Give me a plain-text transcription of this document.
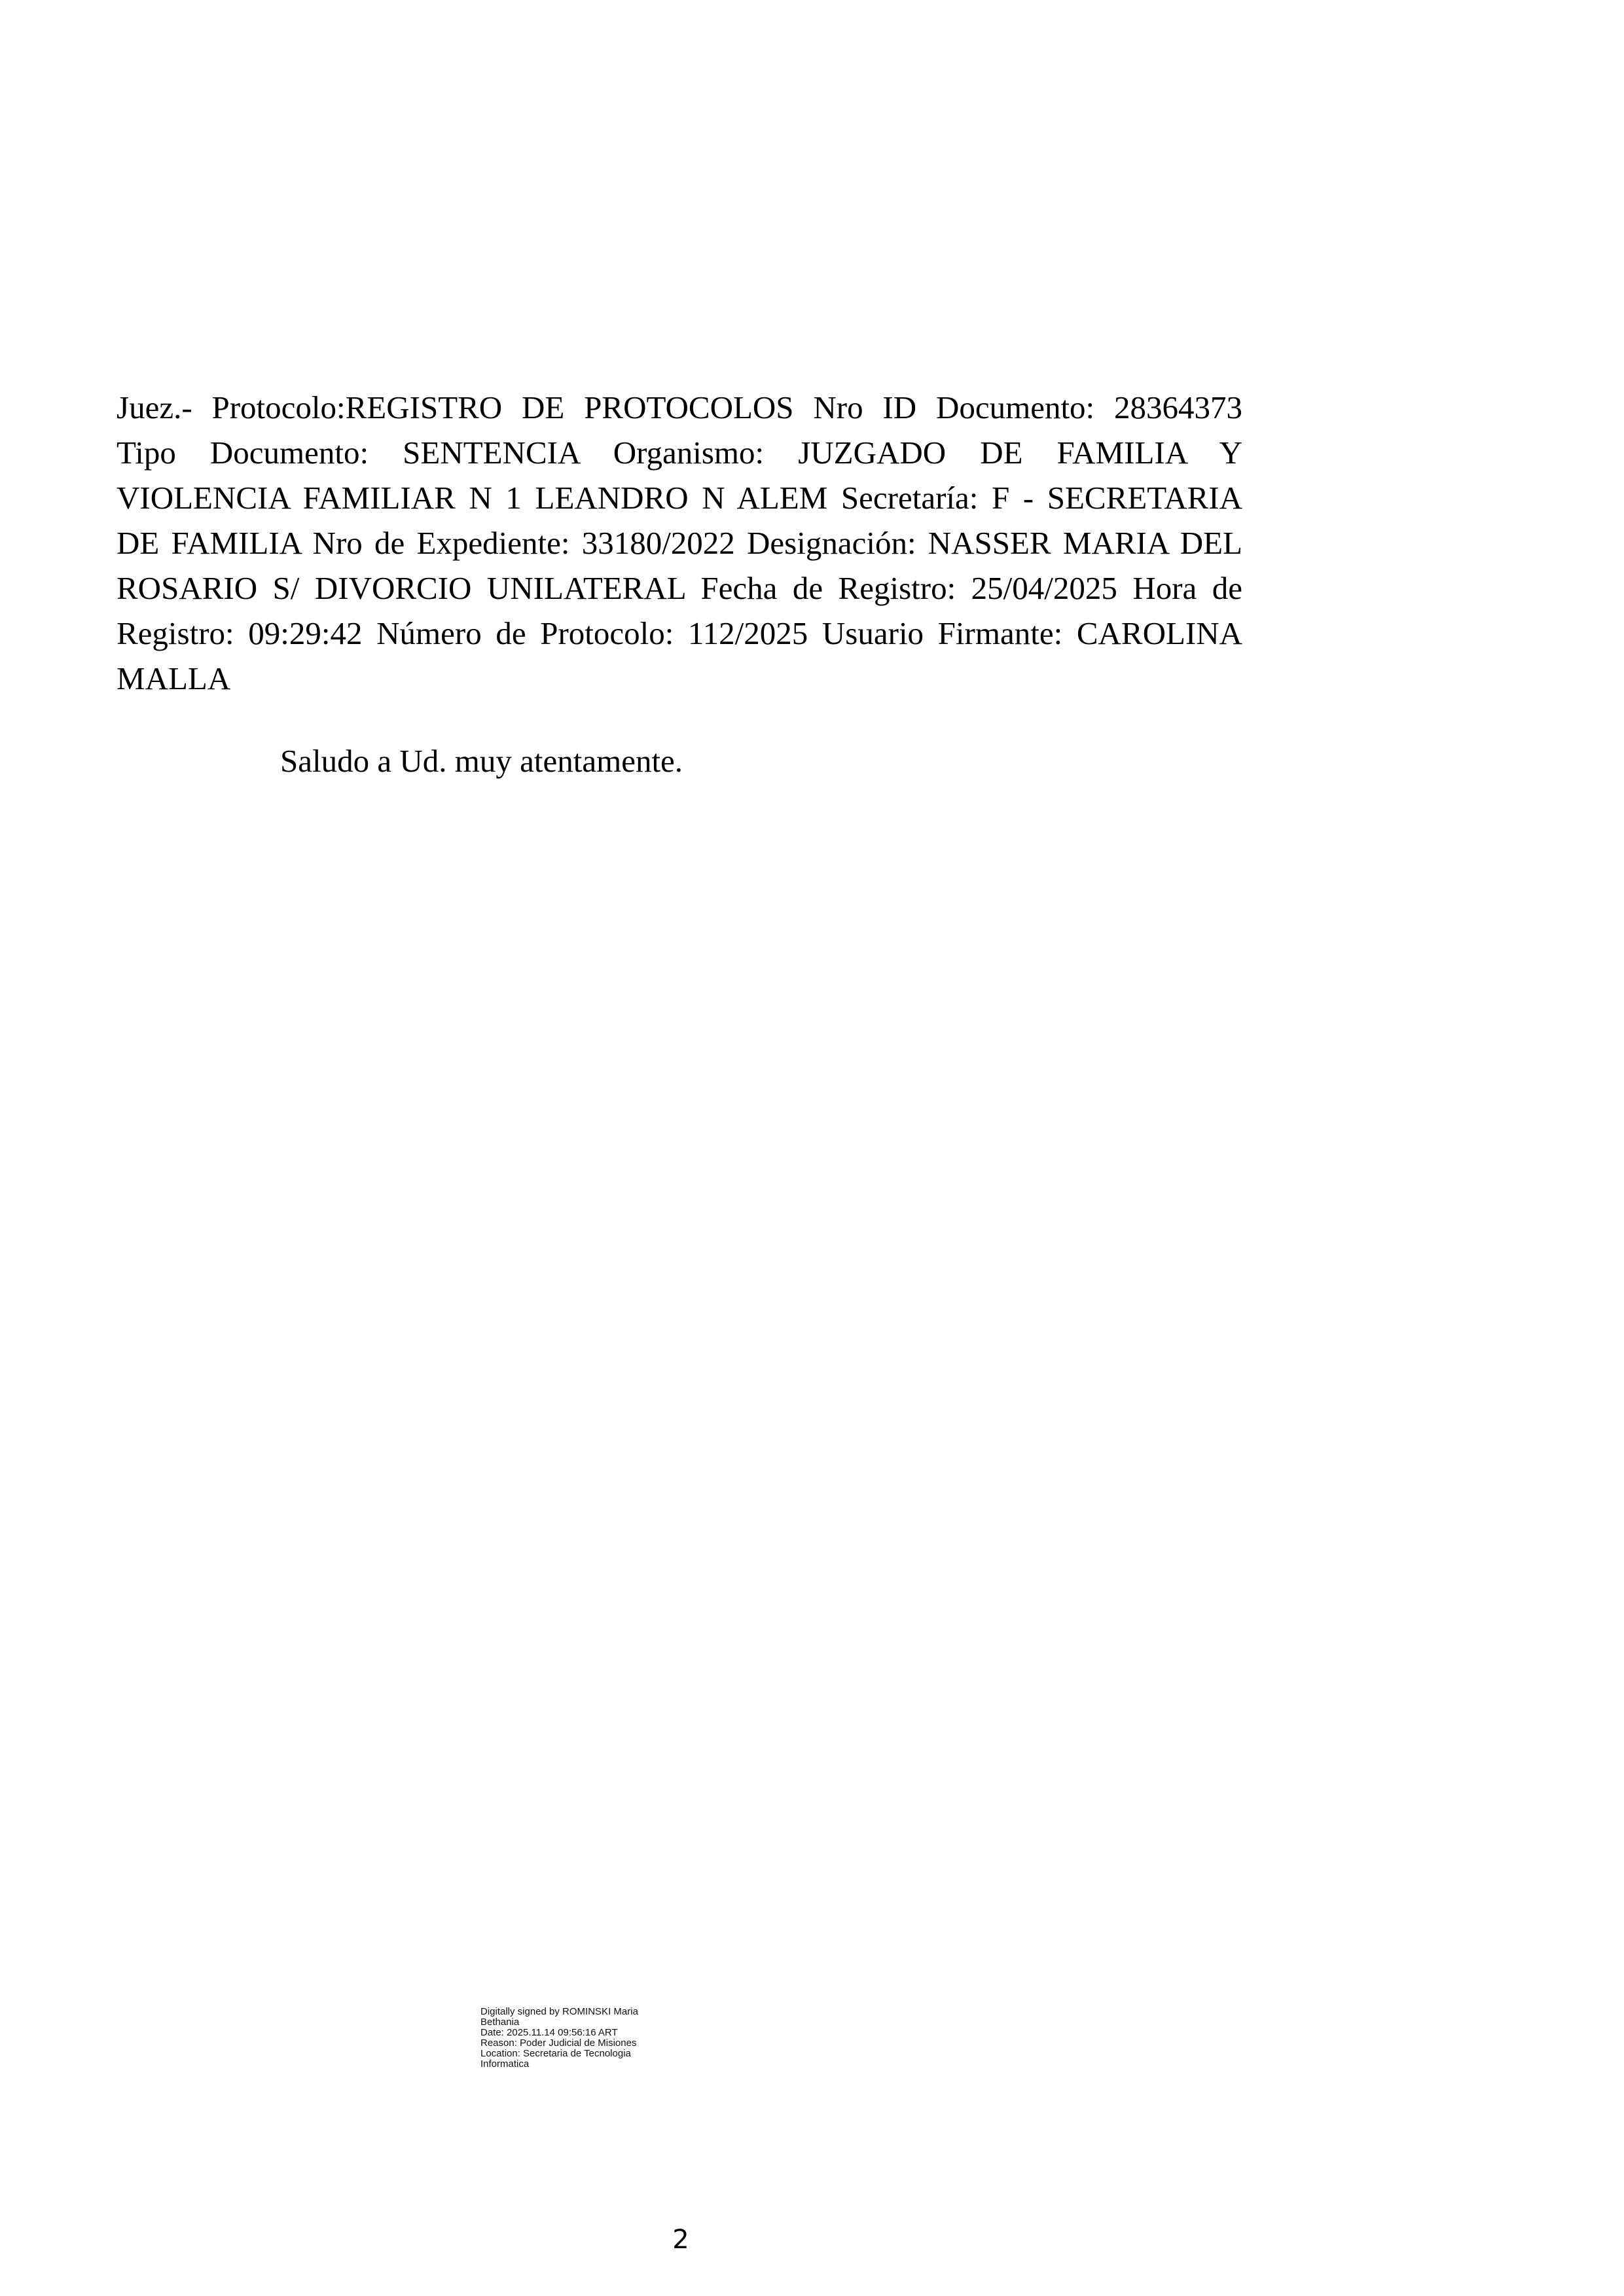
Juez.- Protocolo:REGISTRO DE PROTOCOLOS Nro ID Documento: 28364373
Tipo Documento: SENTENCIA Organismo: JUZGADO DE FAMILIA Y
VIOLENCIA FAMILIAR N 1 LEANDRO N ALEM Secretaría: F - SECRETARIA
DE FAMILIA Nro de Expediente: 33180/2022 Designación: NASSER MARIA DEL
ROSARIO S/ DIVORCIO UNILATERAL Fecha de Registro: 25/04/2025 Hora de
Registro: 09:29:42 Número de Protocolo: 112/2025 Usuario Firmante: CAROLINA
MALLA

Saludo a Ud. muy atentamente.

Digitally signed by ROMINSKI Maria
Bethania
Date: 2025.11.14 09:56:16 ART
Reason: Poder Judicial de Misiones
Location: Secretaria de Tecnologia
Informatica
2
